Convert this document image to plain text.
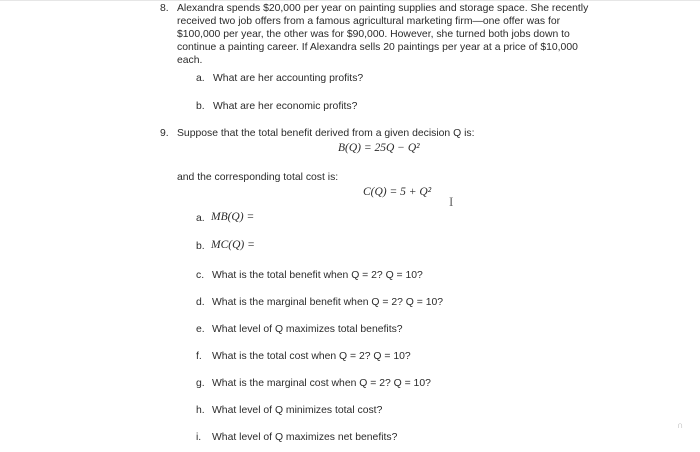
8. Alexandra spends $20,000 per year on painting supplies and storage space. She recently
received two job offers from a famous agricultural marketing firm—one offer was for
$100,000 per year, the other was for $90,000. However, she turned both jobs down to
continue a painting career. If Alexandra sells 20 paintings per year at a price of $10,000
each.
a. What are her accounting profits?
b. What are her economic profits?
9. Suppose that the total benefit derived from a given decision Q is:
B(Q) = 25Q − Q²
and the corresponding total cost is:
C(Q) = 5 + Q²
I
a. MB(Q) =
b. MC(Q) =
c. What is the total benefit when Q = 2? Q = 10?
d. What is the marginal benefit when Q = 2? Q = 10?
e. What level of Q maximizes total benefits?
f. What is the total cost when Q = 2? Q = 10?
g. What is the marginal cost when Q = 2? Q = 10?
h. What level of Q minimizes total cost?
i. What level of Q maximizes net benefits?
∩
